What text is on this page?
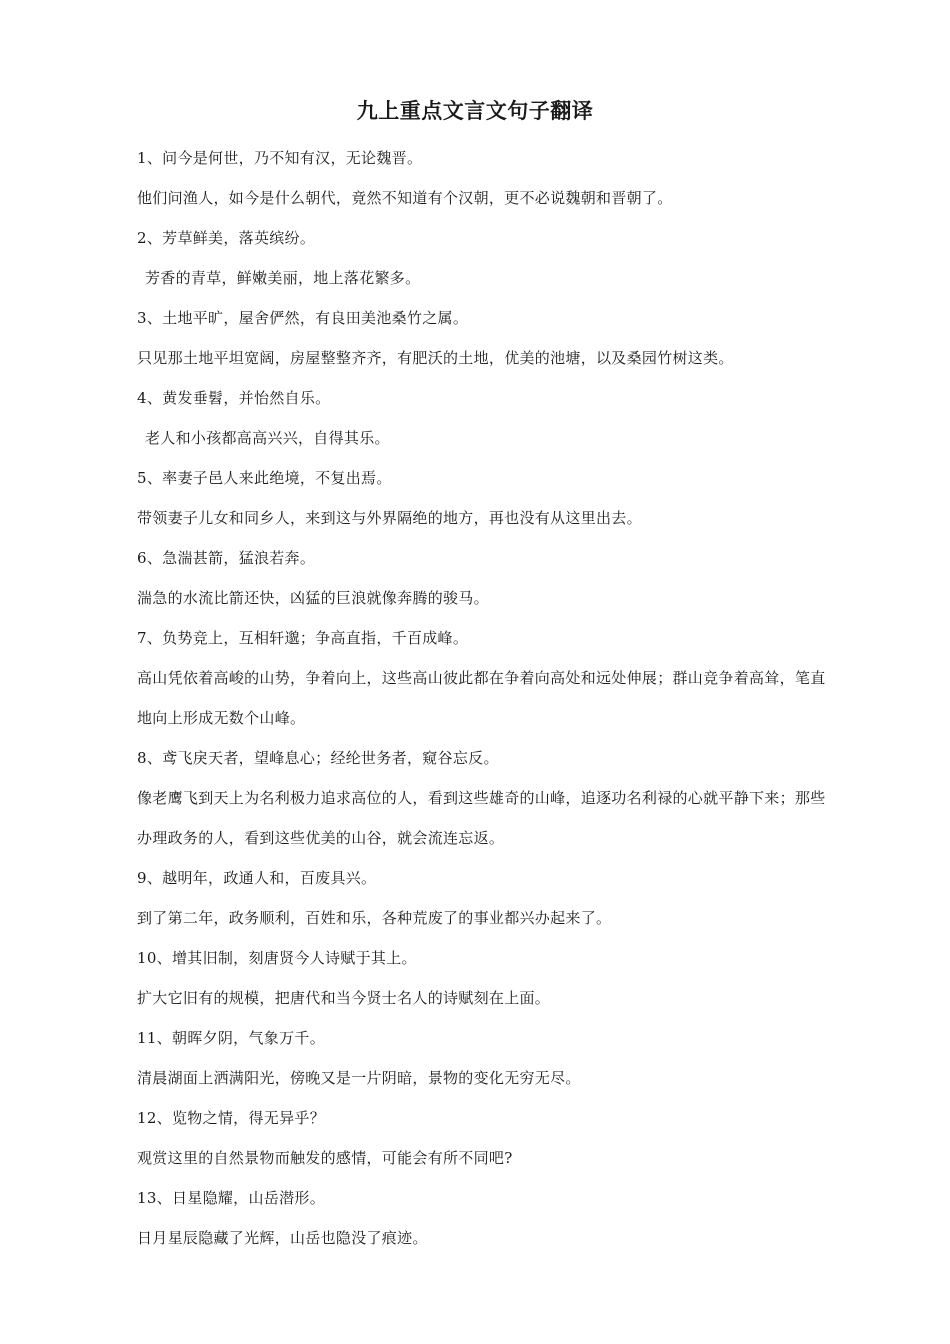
九上重点文言文句子翻译

1、问今是何世，乃不知有汉，无论魏晋。

他们问渔人，如今是什么朝代，竟然不知道有个汉朝，更不必说魏朝和晋朝了。

2、芳草鲜美，落英缤纷。

芳香的青草，鲜嫩美丽，地上落花繁多。

3、土地平旷，屋舍俨然，有良田美池桑竹之属。

只见那土地平坦宽阔，房屋整整齐齐，有肥沃的土地，优美的池塘，以及桑园竹树这类。

4、黄发垂髫，并怡然自乐。

老人和小孩都高高兴兴，自得其乐。

5、率妻子邑人来此绝境，不复出焉。

带领妻子儿女和同乡人，来到这与外界隔绝的地方，再也没有从这里出去。

6、急湍甚箭，猛浪若奔。

湍急的水流比箭还快，凶猛的巨浪就像奔腾的骏马。

7、负势竞上，互相轩邈；争高直指，千百成峰。

高山凭依着高峻的山势，争着向上，这些高山彼此都在争着向高处和远处伸展；群山竞争着高耸，笔直地向上形成无数个山峰。

8、鸢飞戾天者，望峰息心；经纶世务者，窥谷忘反。

像老鹰飞到天上为名利极力追求高位的人，看到这些雄奇的山峰，追逐功名利禄的心就平静下来；那些办理政务的人，看到这些优美的山谷，就会流连忘返。

9、越明年，政通人和，百废具兴。

到了第二年，政务顺利，百姓和乐，各种荒废了的事业都兴办起来了。

10、增其旧制，刻唐贤今人诗赋于其上。

扩大它旧有的规模，把唐代和当今贤士名人的诗赋刻在上面。

11、朝晖夕阴，气象万千。

清晨湖面上洒满阳光，傍晚又是一片阴暗，景物的变化无穷无尽。

12、览物之情，得无异乎？

观赏这里的自然景物而触发的感情，可能会有所不同吧?

13、日星隐耀，山岳潜形。

日月星辰隐藏了光辉，山岳也隐没了痕迹。
